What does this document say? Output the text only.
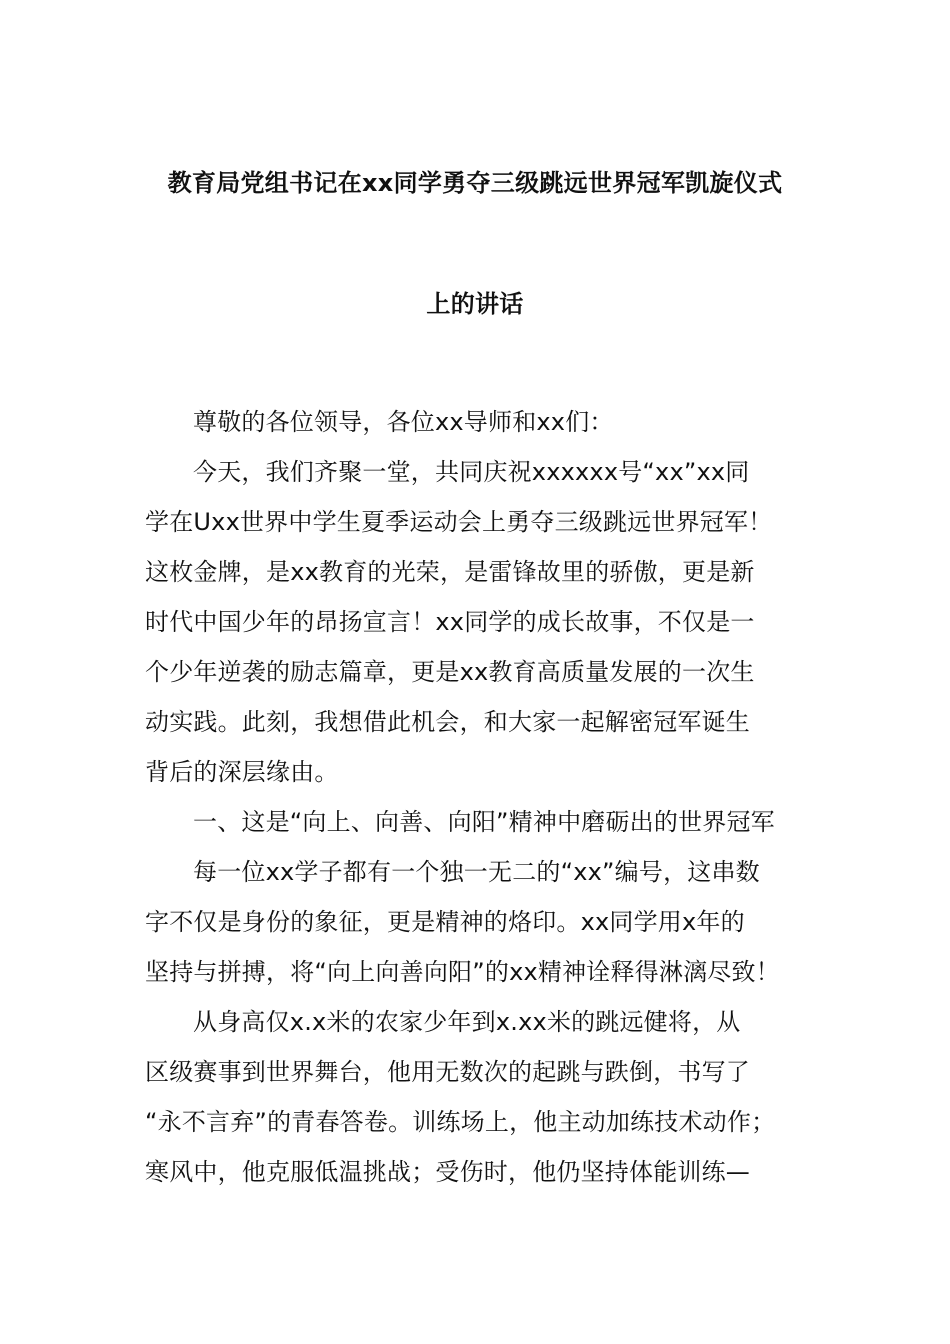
教育局党组书记在xx同学勇夺三级跳远世界冠军凯旋仪式
上的讲话
尊敬的各位领导，各位xx导师和xx们：
今天，我们齐聚一堂，共同庆祝xxxxxx号“xx”xx同
学在Uxx世界中学生夏季运动会上勇夺三级跳远世界冠军！
这枚金牌，是xx教育的光荣，是雷锋故里的骄傲，更是新
时代中国少年的昂扬宣言！xx同学的成长故事，不仅是一
个少年逆袭的励志篇章，更是xx教育高质量发展的一次生
动实践。此刻，我想借此机会，和大家一起解密冠军诞生
背后的深层缘由。
一、这是“向上、向善、向阳”精神中磨砺出的世界冠军
每一位xx学子都有一个独一无二的“xx”编号，这串数
字不仅是身份的象征，更是精神的烙印。xx同学用x年的
坚持与拼搏，将“向上向善向阳”的xx精神诠释得淋漓尽致！
从身高仅x.x米的农家少年到x.xx米的跳远健将，从
区级赛事到世界舞台，他用无数次的起跳与跌倒，书写了
“永不言弃”的青春答卷。训练场上，他主动加练技术动作；
寒风中，他克服低温挑战；受伤时，他仍坚持体能训练—
